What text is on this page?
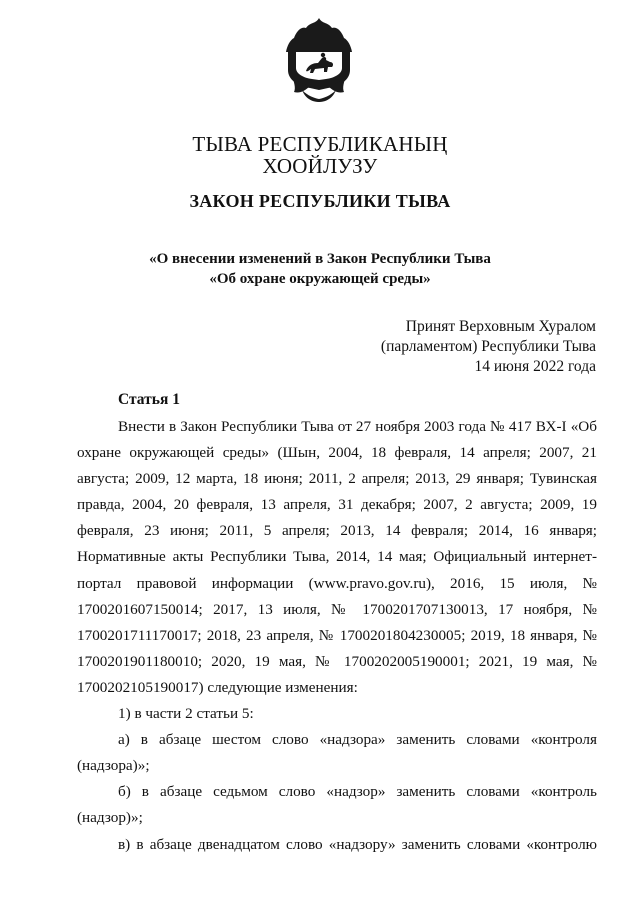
ТЫВА РЕСПУБЛИКАНЫҢ
ХООЙЛУЗУ
ЗАКОН РЕСПУБЛИКИ ТЫВА
«О внесении изменений в Закон Республики Тыва
«Об охране окружающей среды»
Принят Верховным Хуралом
(парламентом) Республики Тыва
14 июня 2022 года
Статья 1

Внести в Закон Республики Тыва от 27 ноября 2003 года № 417 ВХ-I «Об

охране окружающей среды» (Шын, 2004, 18 февраля, 14 апреля; 2007, 21

августа; 2009, 12 марта, 18 июня; 2011, 2 апреля; 2013, 29 января; Тувинская

правда, 2004, 20 февраля, 13 апреля, 31 декабря; 2007, 2 августа; 2009, 19

февраля, 23 июня; 2011, 5 апреля; 2013, 14 февраля; 2014, 16 января;

Нормативные акты Республики Тыва, 2014, 14 мая; Официальный интернет-

портал правовой информации (www.pravo.gov.ru), 2016, 15 июля, №

1700201607150014; 2017, 13 июля, № 1700201707130013, 17 ноября, №

1700201711170017; 2018, 23 апреля, № 1700201804230005; 2019, 18 января, №

1700201901180010; 2020, 19 мая, № 1700202005190001; 2021, 19 мая, №

1700202105190017) следующие изменения:

1) в части 2 статьи 5:

а) в абзаце шестом слово «надзора» заменить словами «контроля

(надзора)»;

б) в абзаце седьмом слово «надзор» заменить словами «контроль

(надзор)»;

в) в абзаце двенадцатом слово «надзору» заменить словами «контролю
